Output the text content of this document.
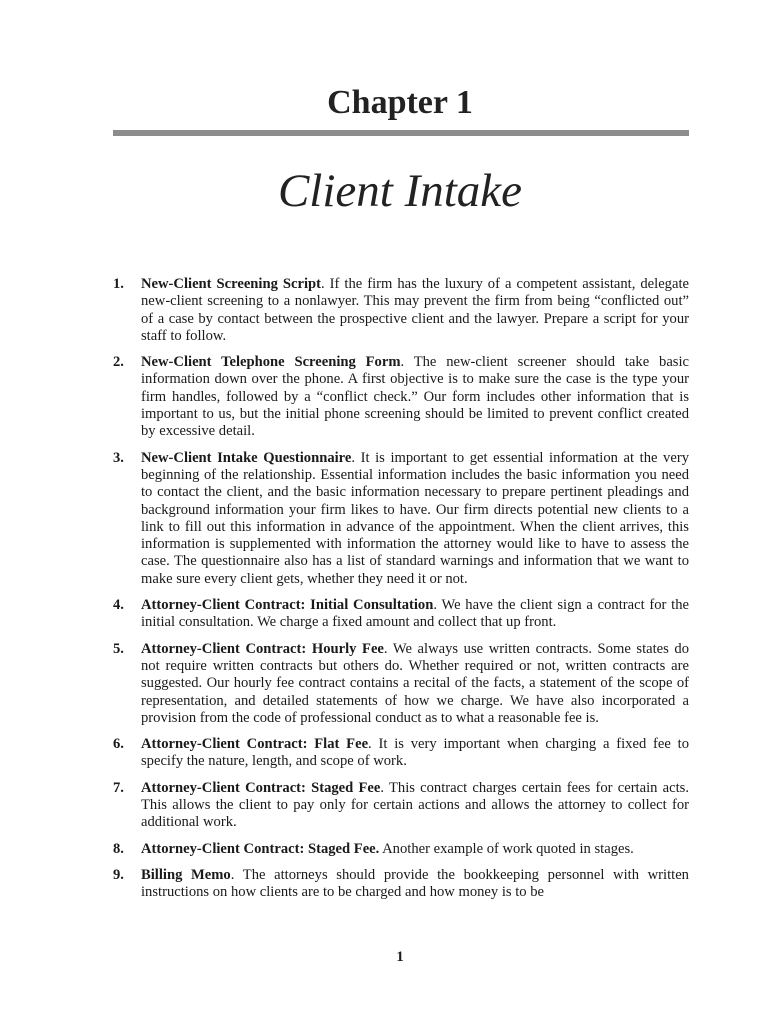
Chapter 1
Client Intake
1. New-Client Screening Script. If the firm has the luxury of a competent assistant, delegate new-client screening to a nonlawyer. This may prevent the firm from being “conflicted out” of a case by contact between the prospective client and the lawyer. Prepare a script for your staff to follow.
2. New-Client Telephone Screening Form. The new-client screener should take basic information down over the phone. A first objective is to make sure the case is the type your firm handles, followed by a “conflict check.” Our form includes other information that is important to us, but the initial phone screening should be limited to prevent conflict created by excessive detail.
3. New-Client Intake Questionnaire. It is important to get essential information at the very beginning of the relationship. Essential information includes the basic information you need to contact the client, and the basic information necessary to prepare pertinent pleadings and background information your firm likes to have. Our firm directs potential new clients to a link to fill out this information in advance of the appointment. When the client arrives, this information is supplemented with information the attorney would like to have to assess the case. The questionnaire also has a list of standard warnings and information that we want to make sure every client gets, whether they need it or not.
4. Attorney-Client Contract: Initial Consultation. We have the client sign a contract for the initial consultation. We charge a fixed amount and collect that up front.
5. Attorney-Client Contract: Hourly Fee. We always use written contracts. Some states do not require written contracts but others do. Whether required or not, written contracts are suggested. Our hourly fee contract contains a recital of the facts, a statement of the scope of representation, and detailed statements of how we charge. We have also incorporated a provision from the code of professional conduct as to what a reasonable fee is.
6. Attorney-Client Contract: Flat Fee. It is very important when charging a fixed fee to specify the nature, length, and scope of work.
7. Attorney-Client Contract: Staged Fee. This contract charges certain fees for certain acts. This allows the client to pay only for certain actions and allows the attorney to collect for additional work.
8. Attorney-Client Contract: Staged Fee. Another example of work quoted in stages.
9. Billing Memo. The attorneys should provide the bookkeeping personnel with written instructions on how clients are to be charged and how money is to be
1
